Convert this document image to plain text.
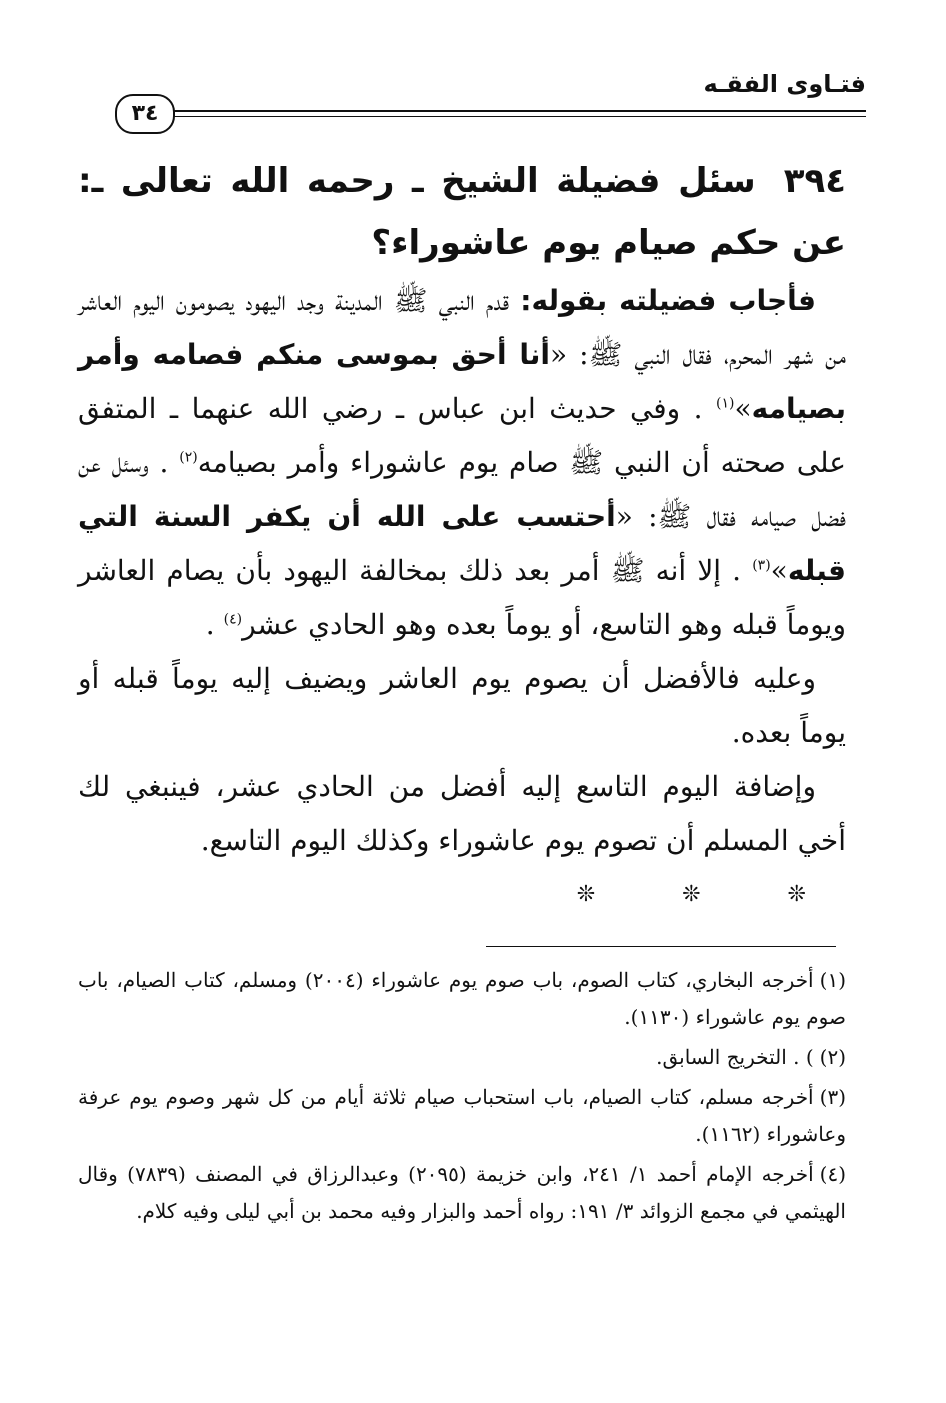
فتـاوى الفقـه
٣٤

٣٩٤سئل فضيلة الشيخ ـ رحمه الله تعالى ـ: عن حكم صيام يوم عاشوراء؟

فأجاب فضيلته بقوله: قدم النبي ﷺ المدينة وجد اليهود يصومون اليوم العاشر من شهر المحرم، فقال النبي ﷺ: «أنا أحق بموسى منكم فصامه وأمر بصيامه»$^{(١)}$ . وفي حديث ابن عباس ـ رضي الله عنهما ـ المتفق على صحته أن النبي ﷺ صام يوم عاشوراء وأمر بصيامه$^{(٢)}$ . وسئل عن فضل صيامه فقال ﷺ: «أحتسب على الله أن يكفر السنة التي قبله»$^{(٣)}$ . إلا أنه ﷺ أمر بعد ذلك بمخالفة اليهود بأن يصام العاشر ويوماً قبله وهو التاسع، أو يوماً بعده وهو الحادي عشر$^{(٤)}$ .

وعليه فالأفضل أن يصوم يوم العاشر ويضيف إليه يوماً قبله أو يوماً بعده.

وإضافة اليوم التاسع إليه أفضل من الحادي عشر، فينبغي لك أخي المسلم أن تصوم يوم عاشوراء وكذلك اليوم التاسع.

❊ ❊ ❊

(١)أخرجه البخاري، كتاب الصوم، باب صوم يوم عاشوراء (٢٠٠٤) ومسلم، كتاب الصيام، باب صوم يوم عاشوراء (١١٣٠).

(٢)) . التخريج السابق.

(٣)أخرجه مسلم، كتاب الصيام، باب استحباب صيام ثلاثة أيام من كل شهر وصوم يوم عرفة وعاشوراء (١١٦٢).

(٤)أخرجه الإمام أحمد ١/ ٢٤١، وابن خزيمة (٢٠٩٥) وعبدالرزاق في المصنف (٧٨٣٩) وقال الهيثمي في مجمع الزوائد ٣/ ١٩١: رواه أحمد والبزار وفيه محمد بن أبي ليلى وفيه كلام.
